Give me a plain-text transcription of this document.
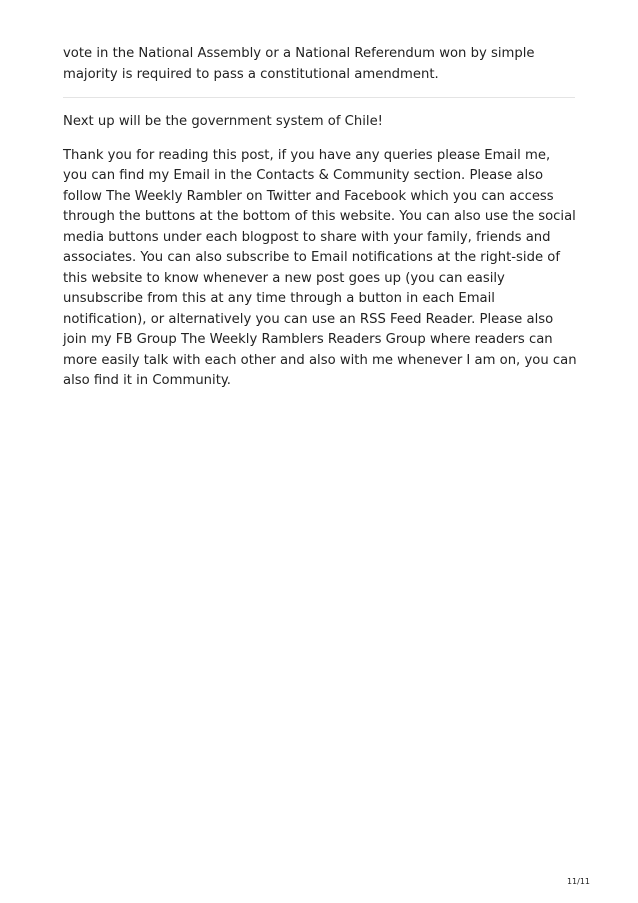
vote in the National Assembly or a National Referendum won by simple majority is required to pass a constitutional amendment.

Next up will be the government system of Chile!

Thank you for reading this post, if you have any queries please Email me, you can find my Email in the Contacts & Community section. Please also follow The Weekly Rambler on Twitter and Facebook which you can access through the buttons at the bottom of this website. You can also use the social media buttons under each blogpost to share with your family, friends and associates. You can also subscribe to Email notifications at the right-side of this website to know whenever a new post goes up (you can easily unsubscribe from this at any time through a button in each Email notification), or alternatively you can use an RSS Feed Reader. Please also join my FB Group The Weekly Ramblers Readers Group where readers can more easily talk with each other and also with me whenever I am on, you can also find it in Community.

11/11
